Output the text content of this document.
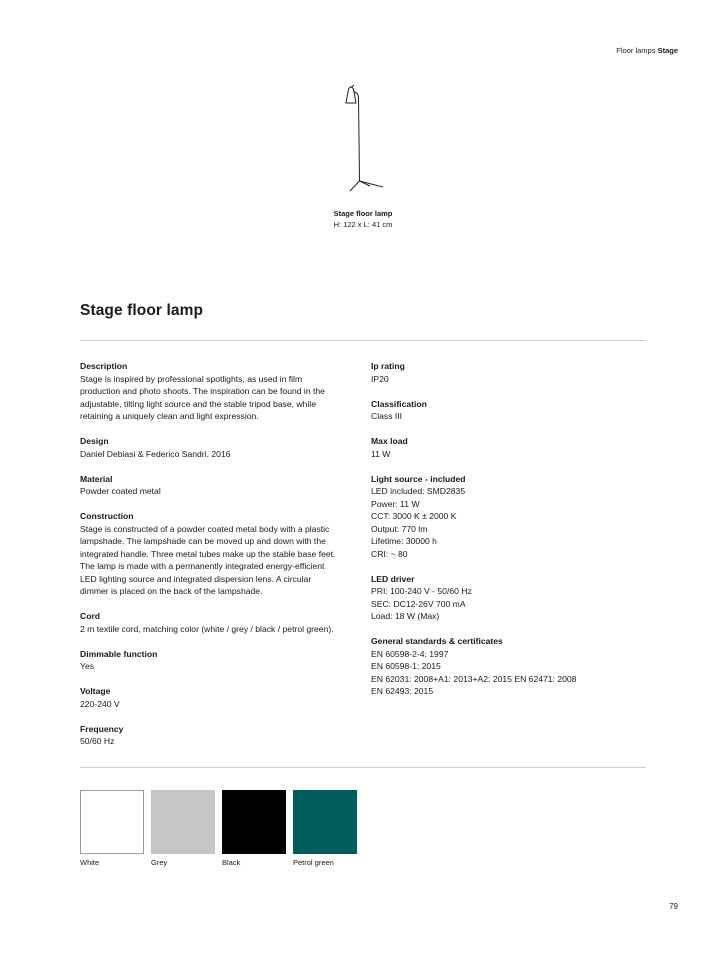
Floor lamps Stage
Stage floor lamp
H: 122 x L: 41 cm
Stage floor lamp
Description
Stage is inspired by professional spotlights, as used in film
production and photo shoots. The inspiration can be found in the
adjustable, tilting light source and the stable tripod base, while
retaining a uniquely clean and light expression.
Design
Daniel Debiasi & Federico Sandri, 2016
Material
Powder coated metal
Construction
Stage is constructed of a powder coated metal body with a plastic
lampshade. The lampshade can be moved up and down with the
integrated handle. Three metal tubes make up the stable base feet.
The lamp is made with a permanently integrated energy-efficient
LED lighting source and integrated dispersion lens. A circular
dimmer is placed on the back of the lampshade.
Cord
2 m textile cord, matching color (white / grey / black / petrol green).
Dimmable function
Yes
Voltage
220-240 V
Frequency
50/60 Hz
Ip rating
IP20
Classification
Class III
Max load
11 W
Light source - included
LED included: SMD2835
Power: 11 W
CCT: 3000 K ± 2000 K
Output: 770 lm
Lifetime: 30000 h
CRI: ~ 80
LED driver
PRI: 100-240 V - 50/60 Hz
SEC: DC12-26V 700 mA
Load: 18 W (Max)
General standards & certificates
EN 60598-2-4: 1997
EN 60598-1: 2015
EN 62031: 2008+A1: 2013+A2: 2015 EN 62471: 2008
EN 62493: 2015
White	Grey	Black	Petrol green
79
